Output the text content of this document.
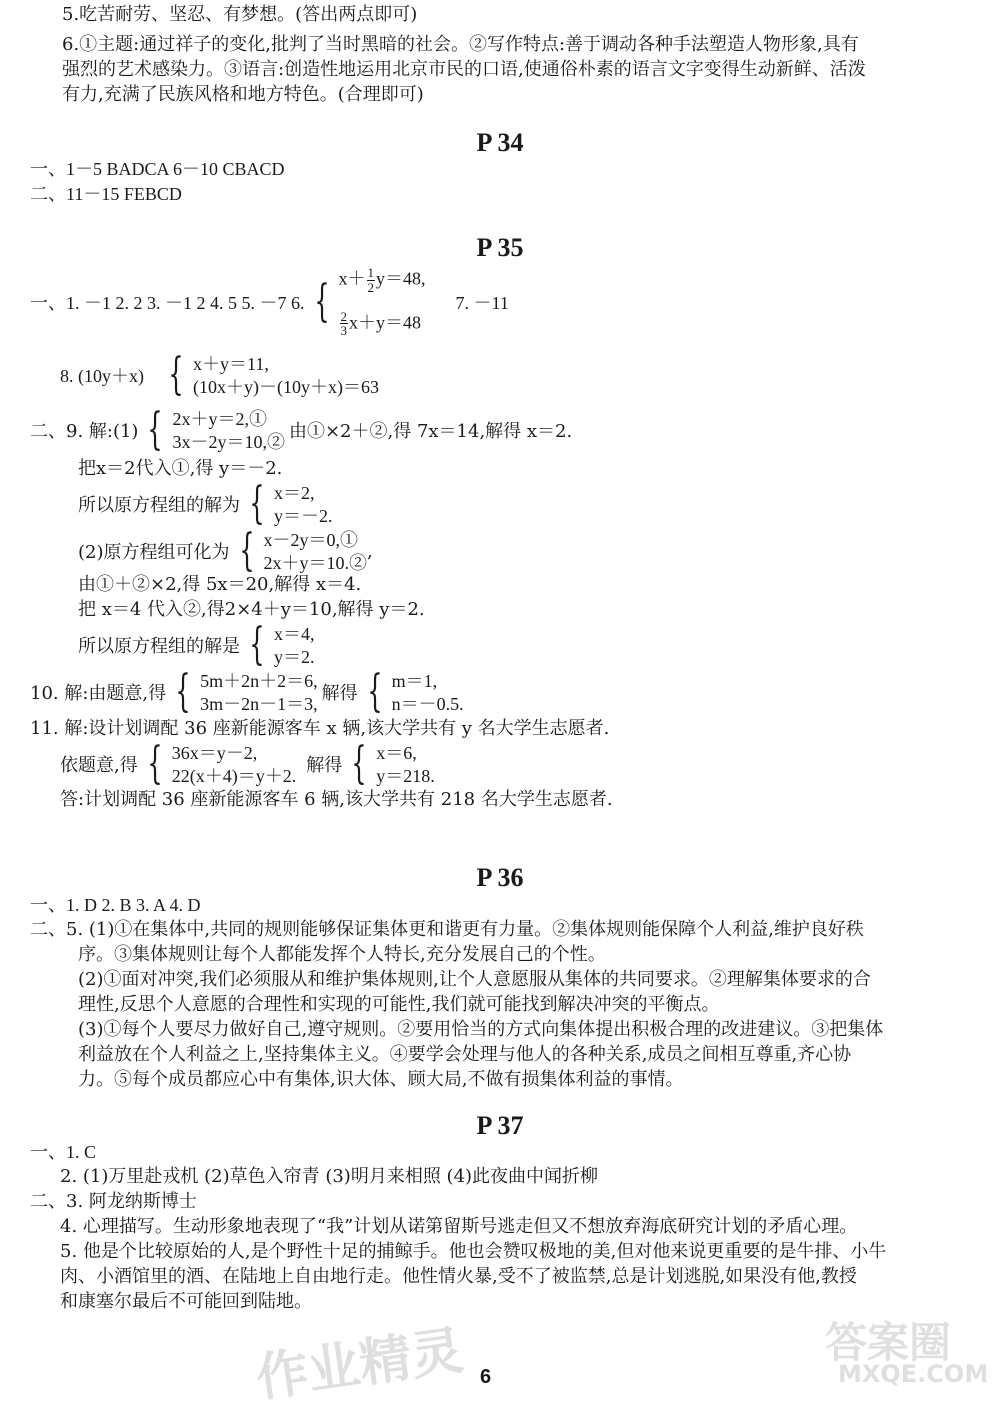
作业精灵	答案圈
MXQE.COM
5.吃苦耐劳、坚忍、有梦想。(答出两点即可)
6.①主题:通过祥子的变化,批判了当时黑暗的社会。②写作特点:善于调动各种手法塑造人物形象,具有
强烈的艺术感染力。③语言:创造性地运用北京市民的口语,使通俗朴素的语言文字变得生动新鲜、活泼
有力,充满了民族风格和地方特色。(合理即可)
P 34
一、1－5 BADCA 6－10 CBACD
二、11－15 FEBCD
P 35
一、1. －1 2. 2 3. －1 2 4. 5 5. －7 6. { $x+ \frac{1}{2} y=48$,
$\frac{2}{3} x+y=48$
7. －11
8. (10y＋x) { x＋y＝11,
(10x＋y)－(10y＋x)＝63
二、9. 解:(1) { 2x＋y＝2,①
3x－2y＝10,② 由①×2＋②,得 7x＝14,解得 x＝2.
把x＝2代入①,得 y＝－2.
所以原方程组的解为 { x＝2,
y＝－2.
(2)原方程组可化为 { x－2y＝0,①
2x＋y＝10.②
,
由①＋②×2,得 5x＝20,解得 x＝4.
把 x＝4 代入②,得2×4＋y＝10,解得 y＝2.
所以原方程组的解是 { x＝4,
y＝2.
10. 解:由题意,得 { 5m＋2n＋2＝6,
3m－2n－1＝3, 解得 { m＝1,
n＝－0.5.
11. 解:设计划调配 36 座新能源客车 x 辆,该大学共有 y 名大学生志愿者.
依题意,得 { 36x＝y－2,
22(x＋4)＝y＋2. 解得 { x＝6,
y＝218.
答:计划调配 36 座新能源客车 6 辆,该大学共有 218 名大学生志愿者.
P 36
一、1. D 2. B 3. A 4. D
二、5. (1)①在集体中,共同的规则能够保证集体更和谐更有力量。②集体规则能保障个人利益,维护良好秩
序。③集体规则让每个人都能发挥个人特长,充分发展自己的个性。
(2)①面对冲突,我们必须服从和维护集体规则,让个人意愿服从集体的共同要求。②理解集体要求的合
理性,反思个人意愿的合理性和实现的可能性,我们就可能找到解决冲突的平衡点。
(3)①每个人要尽力做好自己,遵守规则。②要用恰当的方式向集体提出积极合理的改进建议。③把集体
利益放在个人利益之上,坚持集体主义。④要学会处理与他人的各种关系,成员之间相互尊重,齐心协
力。⑤每个成员都应心中有集体,识大体、顾大局,不做有损集体利益的事情。
P 37
一、1. C
2. (1)万里赴戎机 (2)草色入帘青 (3)明月来相照 (4)此夜曲中闻折柳
二、3. 阿龙纳斯博士
4. 心理描写。生动形象地表现了“我”计划从诺第留斯号逃走但又不想放弃海底研究计划的矛盾心理。
5. 他是个比较原始的人,是个野性十足的捕鲸手。他也会赞叹极地的美,但对他来说更重要的是牛排、小牛
肉、小酒馆里的酒、在陆地上自由地行走。他性情火暴,受不了被监禁,总是计划逃脱,如果没有他,教授
和康塞尔最后不可能回到陆地。
6
